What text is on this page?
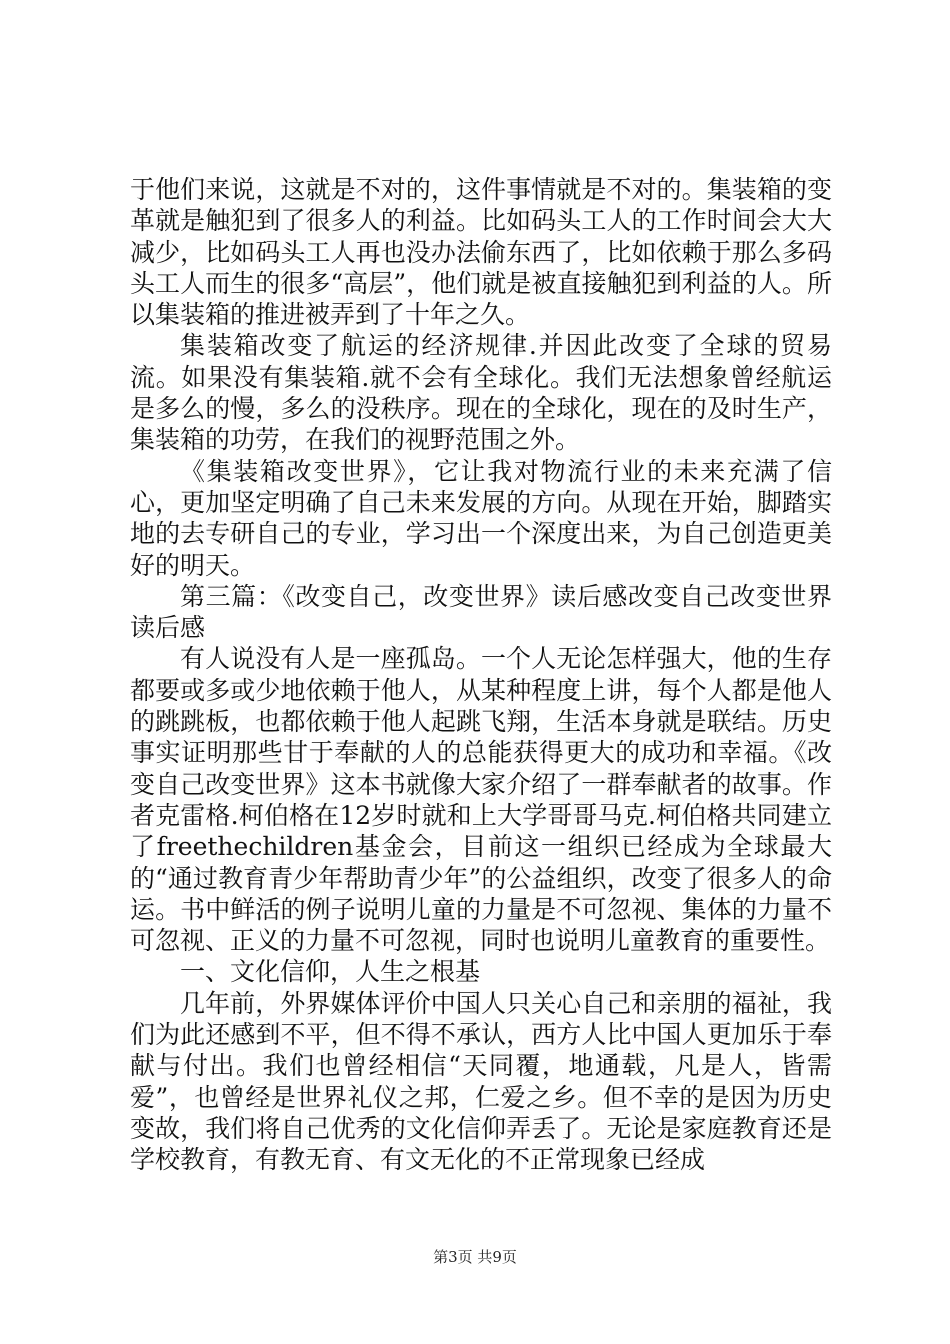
于他们来说，这就是不对的，这件事情就是不对的。集装箱的变革就是触犯到了很多人的利益。比如码头工人的工作时间会大大减少，比如码头工人再也没办法偷东西了，比如依赖于那么多码头工人而生的很多“高层”，他们就是被直接触犯到利益的人。所以集装箱的推进被弄到了十年之久。

集装箱改变了航运的经济规律.并因此改变了全球的贸易流。如果没有集装箱.就不会有全球化。我们无法想象曾经航运是多么的慢，多么的没秩序。现在的全球化，现在的及时生产，集装箱的功劳，在我们的视野范围之外。

《集装箱改变世界》，它让我对物流行业的未来充满了信心，更加坚定明确了自己未来发展的方向。从现在开始，脚踏实地的去专研自己的专业，学习出一个深度出来，为自己创造更美好的明天。

第三篇：《改变自己，改变世界》读后感改变自己改变世界读后感

有人说没有人是一座孤岛。一个人无论怎样强大，他的生存都要或多或少地依赖于他人，从某种程度上讲，每个人都是他人的跳跳板，也都依赖于他人起跳飞翔，生活本身就是联结。历史事实证明那些甘于奉献的人的总能获得更大的成功和幸福。《改变自己改变世界》这本书就像大家介绍了一群奉献者的故事。作者克雷格.柯伯格在12岁时就和上大学哥哥马克.柯伯格共同建立了freethechildren基金会，目前这一组织已经成为全球最大的“通过教育青少年帮助青少年”的公益组织，改变了很多人的命运。书中鲜活的例子说明儿童的力量是不可忽视、集体的力量不可忽视、正义的力量不可忽视，同时也说明儿童教育的重要性。

一、文化信仰，人生之根基

几年前，外界媒体评价中国人只关心自己和亲朋的福祉，我们为此还感到不平，但不得不承认，西方人比中国人更加乐于奉献与付出。我们也曾经相信“天同覆，地通载，凡是人，皆需爱”，也曾经是世界礼仪之邦，仁爱之乡。但不幸的是因为历史变故，我们将自己优秀的文化信仰弄丢了。无论是家庭教育还是学校教育，有教无育、有文无化的不正常现象已经成

第3页 共9页
